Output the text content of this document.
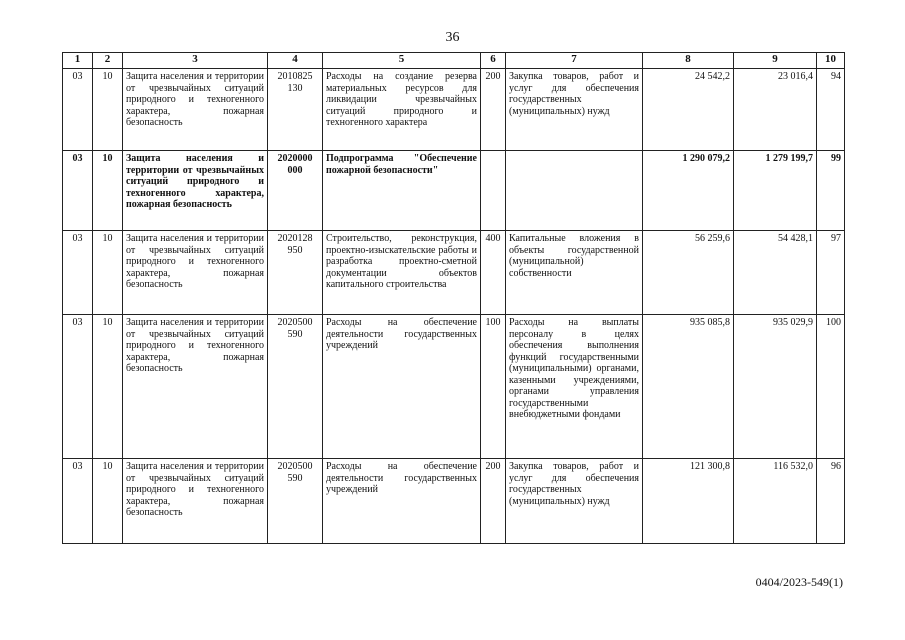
36
1	2	3	4	5	6	7	8	9	10
03	10	Защита населения и территории от чрезвычайных ситуаций природного и техногенного характера, пожарная безопасность	2010825 130	Расходы на создание резерва материальных ресурсов для ликвидации чрезвычайных ситуаций природного и техногенного характера	200	Закупка товаров, работ и услуг для обеспечения государственных (муниципальных) нужд	24 542,2	23 016,4	94
03	10	Защита населения и территории от чрезвычайных ситуаций природного и техногенного характера, пожарная безопасность	2020000 000	Подпрограмма "Обеспечение пожарной безопасности"			1 290 079,2	1 279 199,7	99
03	10	Защита населения и территории от чрезвычайных ситуаций природного и техногенного характера, пожарная безопасность	2020128 950	Строительство, реконструкция, проектно-изыскательские работы и разработка проектно-сметной документации объектов капитального строительства	400	Капитальные вложения в объекты государственной (муниципальной) собственности	56 259,6	54 428,1	97
03	10	Защита населения и территории от чрезвычайных ситуаций природного и техногенного характера, пожарная безопасность	2020500 590	Расходы на обеспечение деятельности государственных учреждений	100	Расходы на выплаты персоналу в целях обеспечения выполнения функций государственными (муниципальными) органами, казенными учреждениями, органами управления государственными внебюджетными фондами	935 085,8	935 029,9	100
03	10	Защита населения и территории от чрезвычайных ситуаций природного и техногенного характера, пожарная безопасность	2020500 590	Расходы на обеспечение деятельности государственных учреждений	200	Закупка товаров, работ и услуг для обеспечения государственных (муниципальных) нужд	121 300,8	116 532,0	96
0404/2023-549(1)
